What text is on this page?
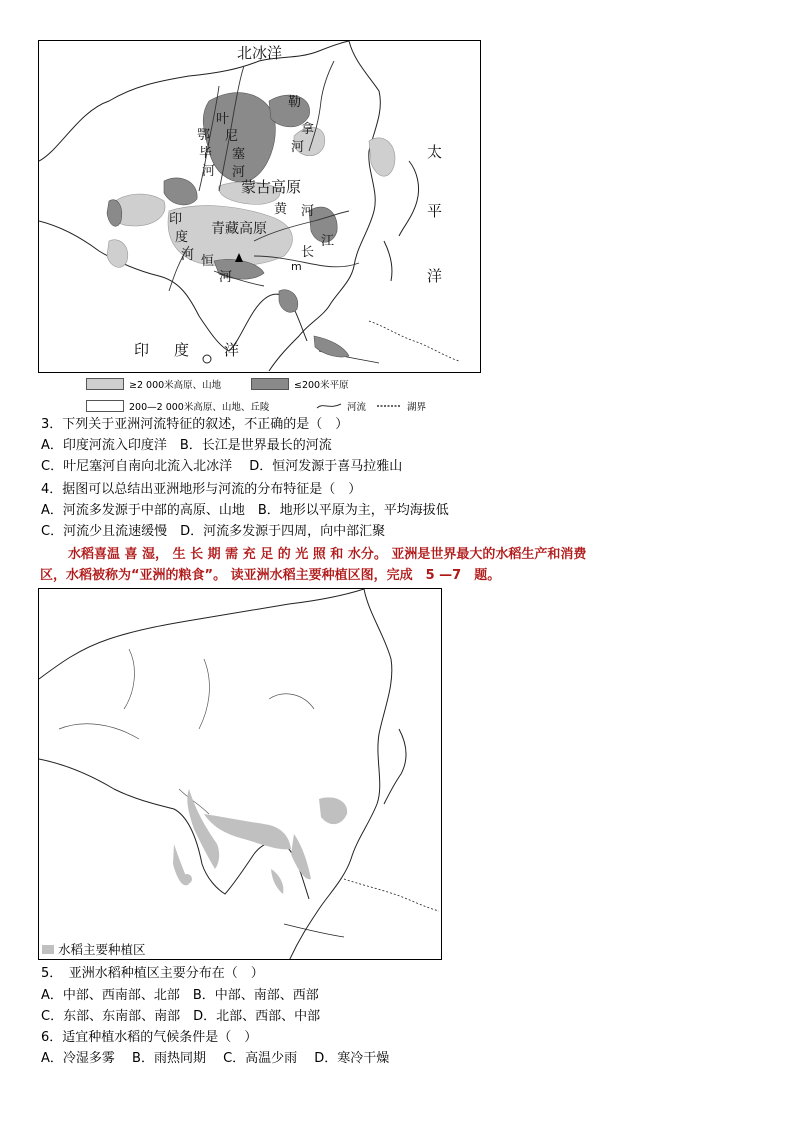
北冰洋
太
平
洋
印 度 洋
蒙古高原
青藏高原
叶
尼
塞
河
鄂
毕
河
勒
拿
河
黄 河
长
江
印
度
河 恒
河
m
≥2 000米高原、山地	≤200米平原
200—2 000米高原、山地、丘陵	河流	湖界
3．下列关于亚洲河流特征的叙述，不正确的是（　）
A．印度河流入印度洋　B．长江是世界最长的河流
C．叶尼塞河自南向北流入北冰洋　 D．恒河发源于喜马拉雅山
4．据图可以总结出亚洲地形与河流的分布特征是（　）
A．河流多发源于中部的高原、山地　B．地形以平原为主，平均海拔低
C．河流少且流速缓慢　D．河流多发源于四周，向中部汇聚
水稻喜温 喜 湿， 生 长 期 需 充 足 的 光 照 和 水分。 亚洲是世界最大的水稻生产和消费
区，水稻被称为“亚洲的粮食”。 读亚洲水稻主要种植区图，完成　5 —7　题。
水稻主要种植区
5．　亚洲水稻种植区主要分布在（　）
A．中部、西南部、北部　B．中部、南部、西部
C．东部、东南部、南部　D．北部、西部、中部
6．适宜种植水稻的气候条件是（　）
A．冷湿多雾　 B．雨热同期　 C．高温少雨　 D．寒冷干燥
